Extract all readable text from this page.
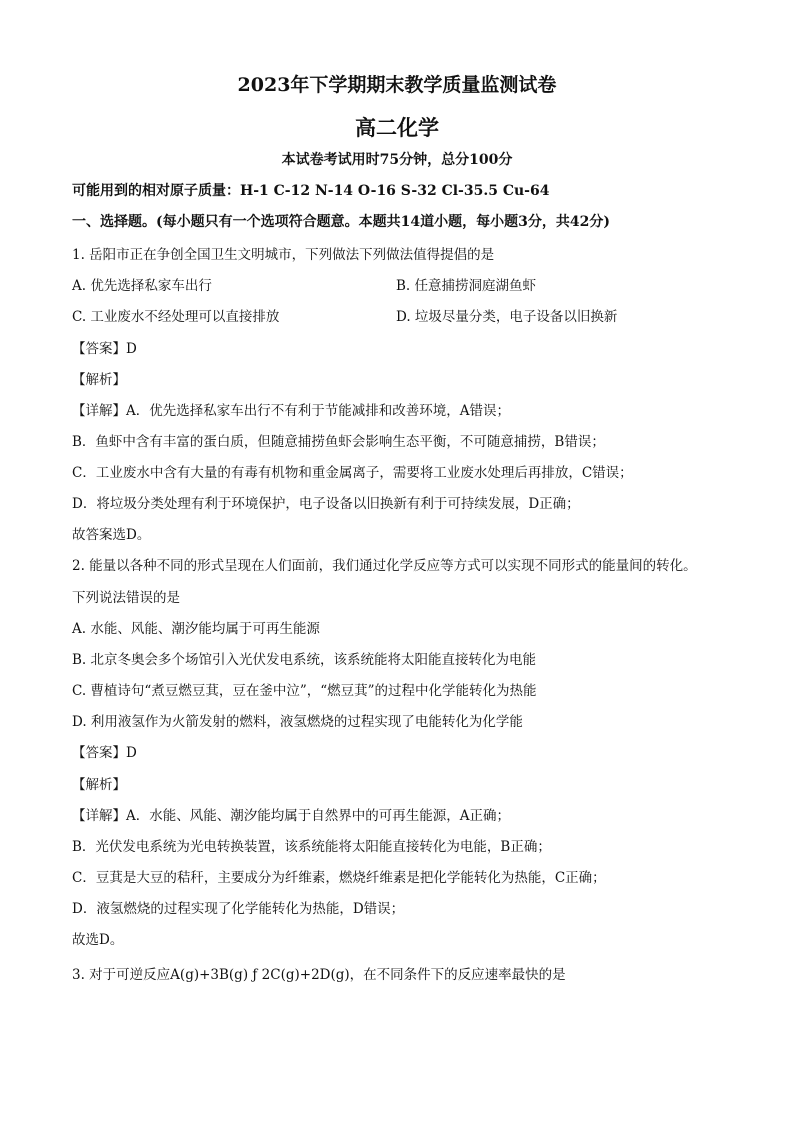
2023年下学期期末教学质量监测试卷
高二化学
本试卷考试用时75分钟，总分100分
可能用到的相对原子质量：H-1 C-12 N-14 O-16 S-32 Cl-35.5 Cu-64
一、选择题。(每小题只有一个选项符合题意。本题共14道小题，每小题3分，共42分)
1. 岳阳市正在争创全国卫生文明城市，下列做法下列做法值得提倡的是
A. 优先选择私家车出行	B. 任意捕捞洞庭湖鱼虾
C. 工业废水不经处理可以直接排放	D. 垃圾尽量分类，电子设备以旧换新
【答案】D
【解析】
【详解】A．优先选择私家车出行不有利于节能减排和改善环境，A错误；
B．鱼虾中含有丰富的蛋白质，但随意捕捞鱼虾会影响生态平衡，不可随意捕捞，B错误；
C．工业废水中含有大量的有毒有机物和重金属离子，需要将工业废水处理后再排放，C错误；
D．将垃圾分类处理有利于环境保护，电子设备以旧换新有利于可持续发展，D正确；
故答案选D。
2. 能量以各种不同的形式呈现在人们面前，我们通过化学反应等方式可以实现不同形式的能量间的转化。
下列说法错误的是
A. 水能、风能、潮汐能均属于可再生能源
B. 北京冬奥会多个场馆引入光伏发电系统，该系统能将太阳能直接转化为电能
C. 曹植诗句“煮豆燃豆萁，豆在釜中泣”，“燃豆萁”的过程中化学能转化为热能
D. 利用液氢作为火箭发射的燃料，液氢燃烧的过程实现了电能转化为化学能
【答案】D
【解析】
【详解】A．水能、风能、潮汐能均属于自然界中的可再生能源，A正确；
B．光伏发电系统为光电转换装置，该系统能将太阳能直接转化为电能，B正确；
C．豆萁是大豆的秸秆，主要成分为纤维素，燃烧纤维素是把化学能转化为热能，C正确；
D．液氢燃烧的过程实现了化学能转化为热能，D错误；
故选D。
3. 对于可逆反应A(g)+3B(g) ƒ 2C(g)+2D(g)，在不同条件下的反应速率最快的是
